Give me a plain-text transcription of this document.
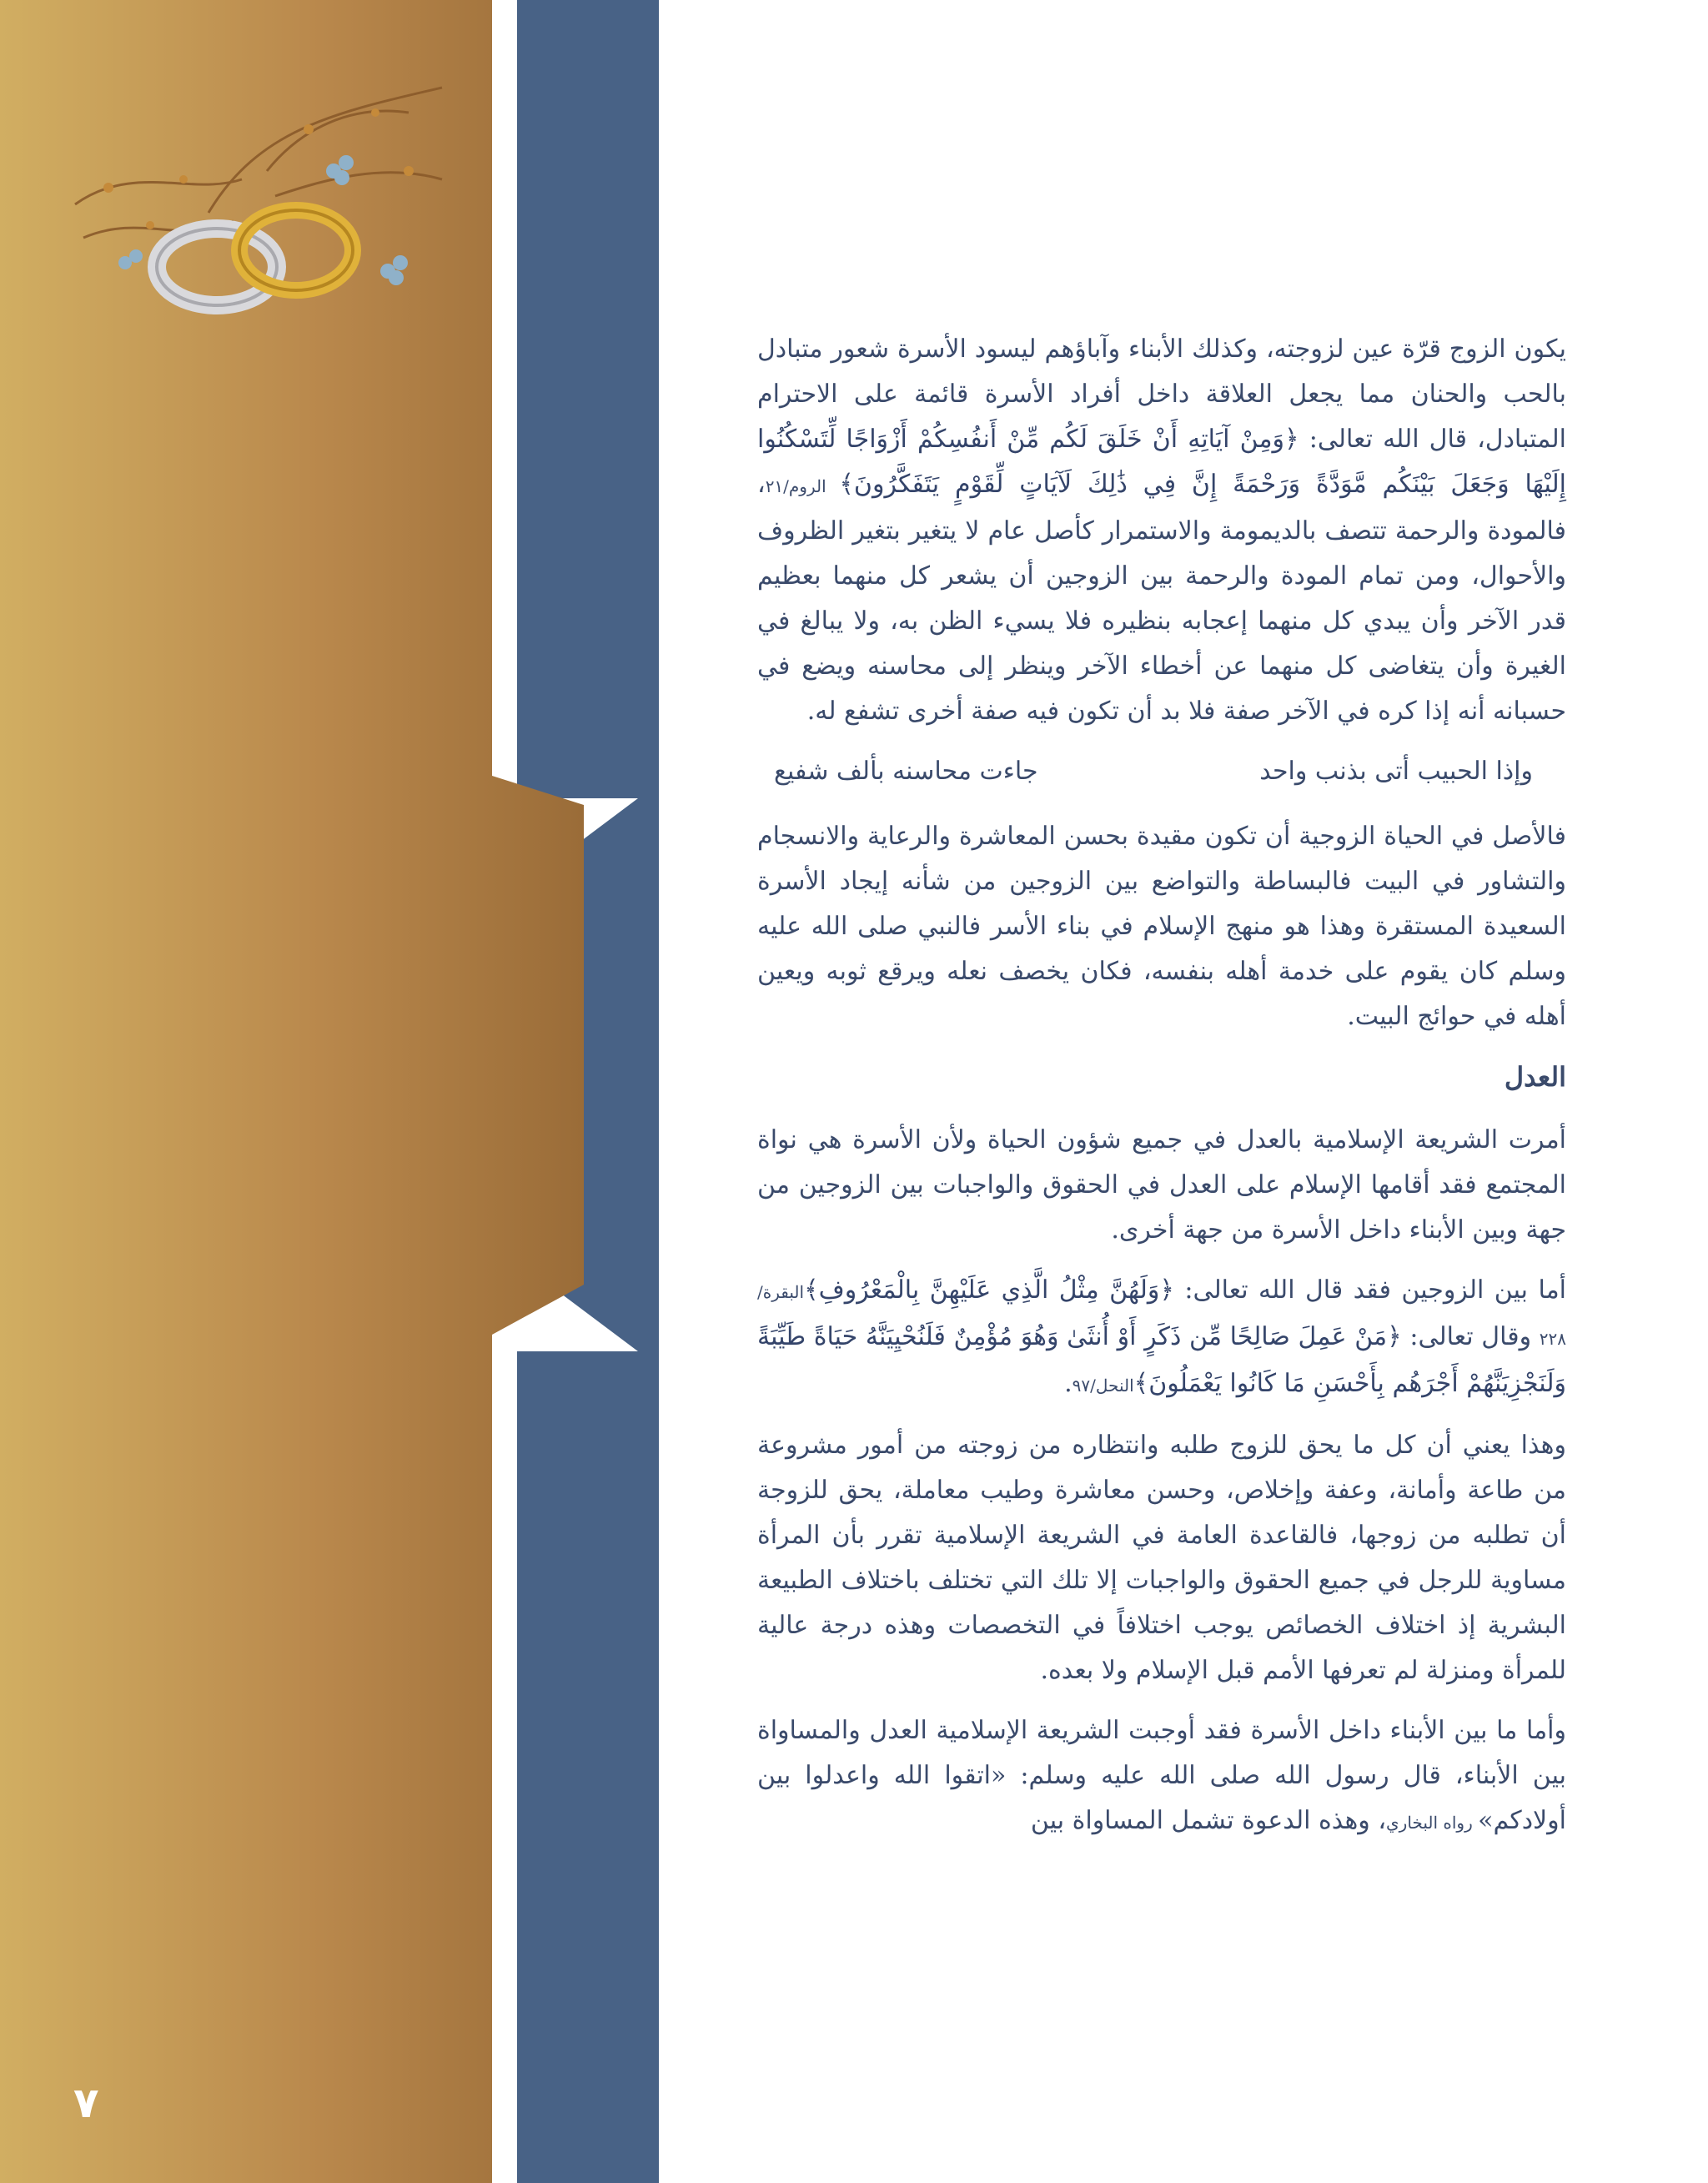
٧

يكون الزوج قرّة عين لزوجته، وكذلك الأبناء وآباؤهم ليسود الأسرة شعور متبادل بالحب والحنان مما يجعل العلاقة داخل أفراد الأسرة قائمة على الاحترام المتبادل، قال الله تعالى: ﴿وَمِنْ آيَاتِهِ أَنْ خَلَقَ لَكُم مِّنْ أَنفُسِكُمْ أَزْوَاجًا لِّتَسْكُنُوا إِلَيْهَا وَجَعَلَ بَيْنَكُم مَّوَدَّةً وَرَحْمَةً إِنَّ فِي ذَٰلِكَ لَآيَاتٍ لِّقَوْمٍ يَتَفَكَّرُونَ﴾ الروم/٢١، فالمودة والرحمة تتصف بالديمومة والاستمرار كأصل عام لا يتغير بتغير الظروف والأحوال، ومن تمام المودة والرحمة بين الزوجين أن يشعر كل منهما بعظيم قدر الآخر وأن يبدي كل منهما إعجابه بنظيره فلا يسيء الظن به، ولا يبالغ في الغيرة وأن يتغاضى كل منهما عن أخطاء الآخر وينظر إلى محاسنه ويضع في حسبانه أنه إذا كره في الآخر صفة فلا بد أن تكون فيه صفة أخرى تشفع له.

وإذا الحبيب أتى بذنب واحد
جاءت محاسنه بألف شفيع

فالأصل في الحياة الزوجية أن تكون مقيدة بحسن المعاشرة والرعاية والانسجام والتشاور في البيت فالبساطة والتواضع بين الزوجين من شأنه إيجاد الأسرة السعيدة المستقرة وهذا هو منهج الإسلام في بناء الأسر فالنبي صلى الله عليه وسلم كان يقوم على خدمة أهله بنفسه، فكان يخصف نعله ويرقع ثوبه ويعين أهله في حوائج البيت.

العدل

أمرت الشريعة الإسلامية بالعدل في جميع شؤون الحياة ولأن الأسرة هي نواة المجتمع فقد أقامها الإسلام على العدل في الحقوق والواجبات بين الزوجين من جهة وبين الأبناء داخل الأسرة من جهة أخرى.

أما بين الزوجين فقد قال الله تعالى: ﴿وَلَهُنَّ مِثْلُ الَّذِي عَلَيْهِنَّ بِالْمَعْرُوفِ﴾البقرة/٢٢٨ وقال تعالى: ﴿مَنْ عَمِلَ صَالِحًا مِّن ذَكَرٍ أَوْ أُنثَىٰ وَهُوَ مُؤْمِنٌ فَلَنُحْيِيَنَّهُ حَيَاةً طَيِّبَةً وَلَنَجْزِيَنَّهُمْ أَجْرَهُم بِأَحْسَنِ مَا كَانُوا يَعْمَلُونَ﴾النحل/٩٧.

وهذا يعني أن كل ما يحق للزوج طلبه وانتظاره من زوجته من أمور مشروعة من طاعة وأمانة، وعفة وإخلاص، وحسن معاشرة وطيب معاملة، يحق للزوجة أن تطلبه من زوجها، فالقاعدة العامة في الشريعة الإسلامية تقرر بأن المرأة مساوية للرجل في جميع الحقوق والواجبات إلا تلك التي تختلف باختلاف الطبيعة البشرية إذ اختلاف الخصائص يوجب اختلافاً في التخصصات وهذه درجة عالية للمرأة ومنزلة لم تعرفها الأمم قبل الإسلام ولا بعده.

وأما ما بين الأبناء داخل الأسرة فقد أوجبت الشريعة الإسلامية العدل والمساواة بين الأبناء، قال رسول الله صلى الله عليه وسلم: «اتقوا الله واعدلوا بين أولادكم» رواه البخاري، وهذه الدعوة تشمل المساواة بين
